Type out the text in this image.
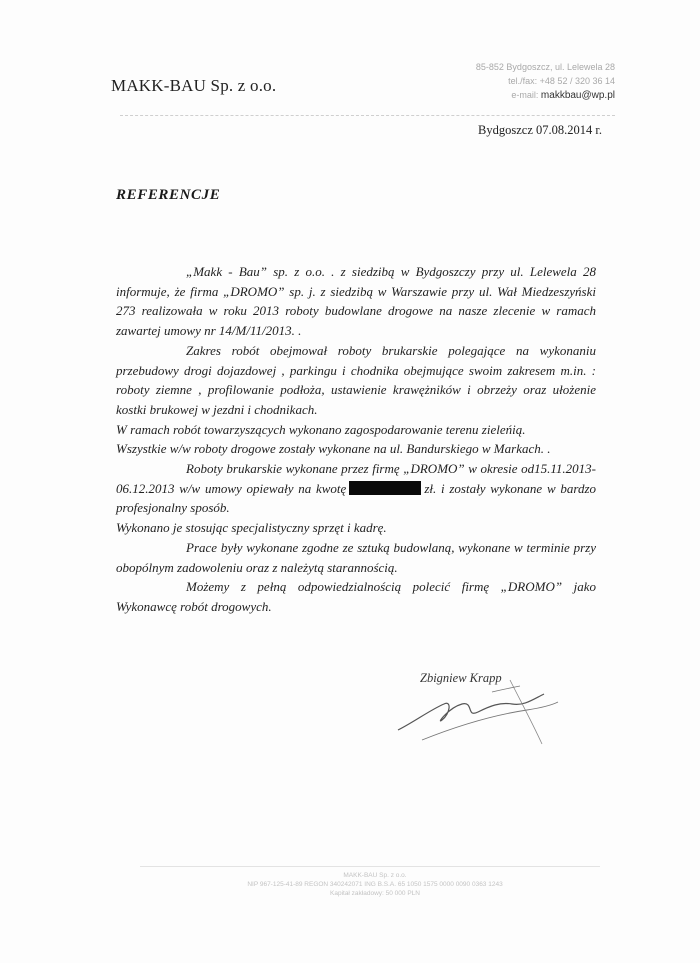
MAKK-BAU Sp. z o.o.
85-852 Bydgoszcz, ul. Lelewela 28
tel./fax: +48 52 / 320 36 14
e-mail: makkbau@wp.pl
Bydgoszcz 07.08.2014 r.
REFERENCJE

„Makk - Bau” sp. z o.o. . z siedzibą w Bydgoszczy przy ul. Lelewela 28 informuje, że firma „DROMO” sp. j. z siedzibą w Warszawie przy ul. Wał Miedzeszyński 273 realizowała w roku 2013 roboty budowlane drogowe na nasze zlecenie w ramach zawartej umowy nr 14/M/11/2013. .

Zakres robót obejmował roboty brukarskie polegające na wykonaniu przebudowy drogi dojazdowej , parkingu i chodnika obejmujące swoim zakresem m.in. : roboty ziemne , profilowanie podłoża, ustawienie krawężników i obrzeży oraz ułożenie kostki brukowej w jezdni i chodnikach.

W ramach robót towarzyszących wykonano zagospodarowanie terenu zieleńią.

Wszystkie w/w roboty drogowe zostały wykonane na ul. Bandurskiego w Markach. .

Roboty brukarskie wykonane przez firmę „DROMO” w okresie od15.11.2013- 06.12.2013 w/w umowy opiewały na kwotę	zł. i zostały wykonane w bardzo profesjonalny sposób.

Wykonano je stosując specjalistyczny sprzęt i kadrę.

Prace były wykonane zgodne ze sztuką budowlaną, wykonane w terminie przy obopólnym zadowoleniu oraz z należytą starannością.

Możemy z pełną odpowiedzialnością polecić firmę „DROMO” jako Wykonawcę robót drogowych.

Zbigniew Krapp
MAKK-BAU Sp. z o.o.
NIP 967-125-41-89 REGON 340242071 ING B.S.A. 65 1050 1575 0000 0090 0363 1243
Kapitał zakładowy: 50 000 PLN
